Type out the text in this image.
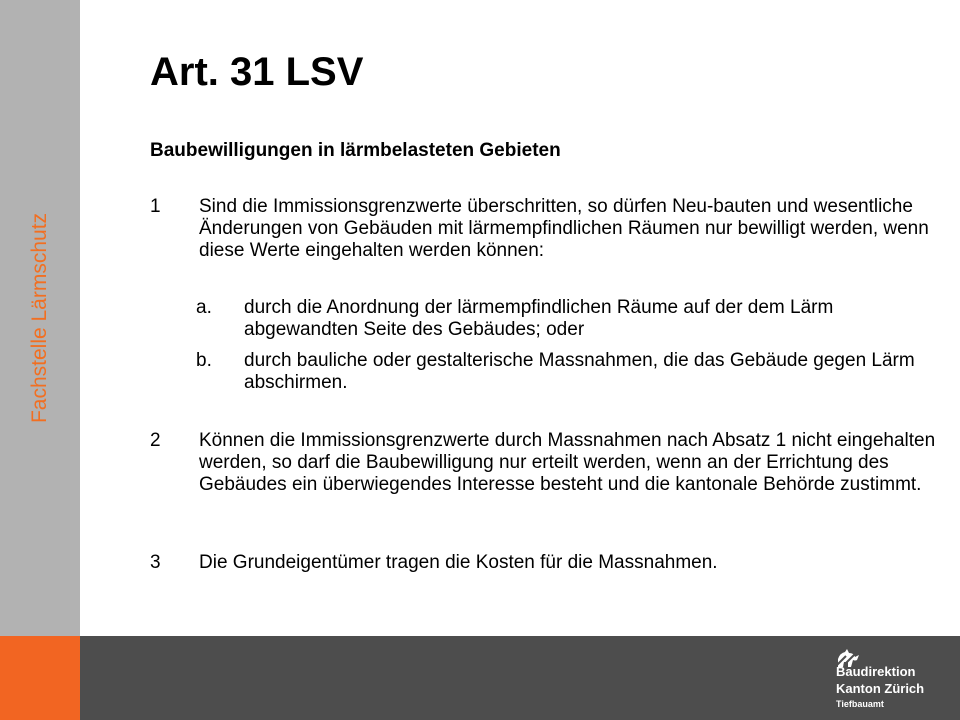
Fachstelle Lärmschutz
Art. 31 LSV
Baubewilligungen in lärmbelasteten Gebieten
1 Sind die Immissionsgrenzwerte überschritten, so dürfen Neu-bauten und wesentliche Änderungen von Gebäuden mit lärmempfindlichen Räumen nur bewilligt werden, wenn diese Werte eingehalten werden können:
a. durch die Anordnung der lärmempfindlichen Räume auf der dem Lärm abgewandten Seite des Gebäudes; oder
b. durch bauliche oder gestalterische Massnahmen, die das Gebäude gegen Lärm abschirmen.
2 Können die Immissionsgrenzwerte durch Massnahmen nach Absatz 1 nicht eingehalten werden, so darf die Baubewilligung nur erteilt werden, wenn an der Errichtung des Gebäudes ein überwiegendes Interesse besteht und die kantonale Behörde zustimmt.
3 Die Grundeigentümer tragen die Kosten für die Massnahmen.
Baudirektion
Kanton Zürich
Tiefbauamt
